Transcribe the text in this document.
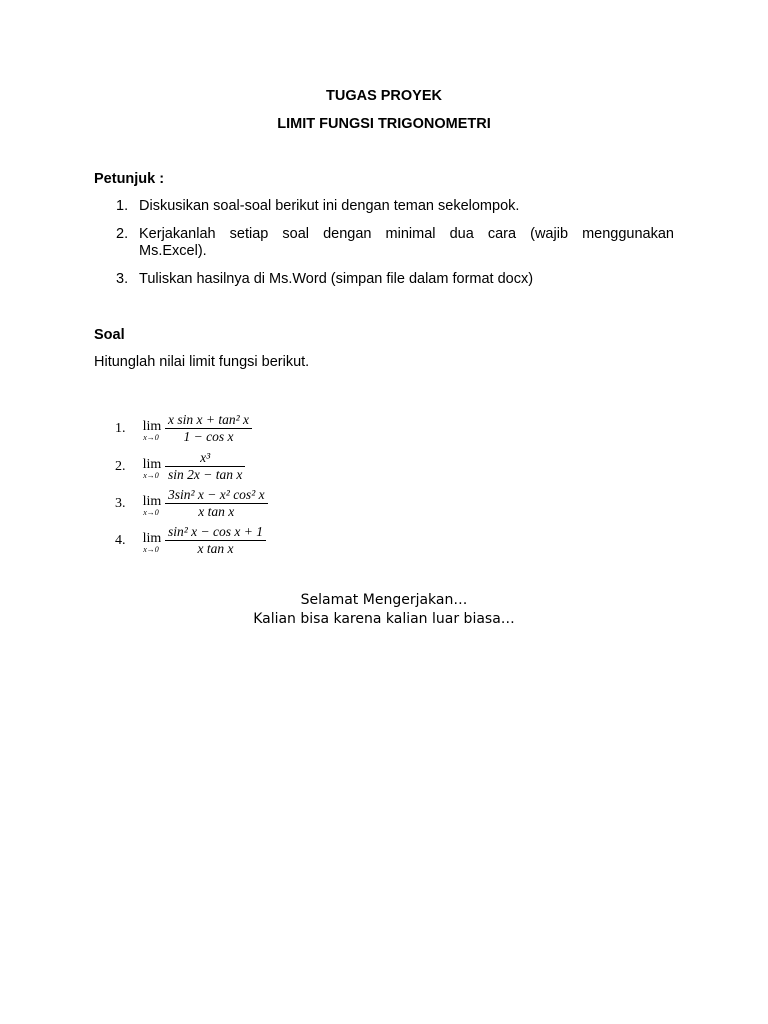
TUGAS PROYEK
LIMIT FUNGSI TRIGONOMETRI
Petunjuk :
1. Diskusikan soal-soal berikut ini dengan teman sekelompok.
2. Kerjakanlah setiap soal dengan minimal dua cara (wajib menggunakan
Ms.Excel).
3. Tuliskan hasilnya di Ms.Word (simpan file dalam format docx)
Soal
Hitunglah nilai limit fungsi berikut.
1. lim
x→0
x sin x + tan² x
1 − cos x
2. lim
x→0
x³
sin 2x − tan x
3. lim
x→0
3sin² x − x² cos² x
x tan x
4. lim
x→0
sin² x − cos x + 1
x tan x
Selamat Mengerjakan…
Kalian bisa karena kalian luar biasa…
